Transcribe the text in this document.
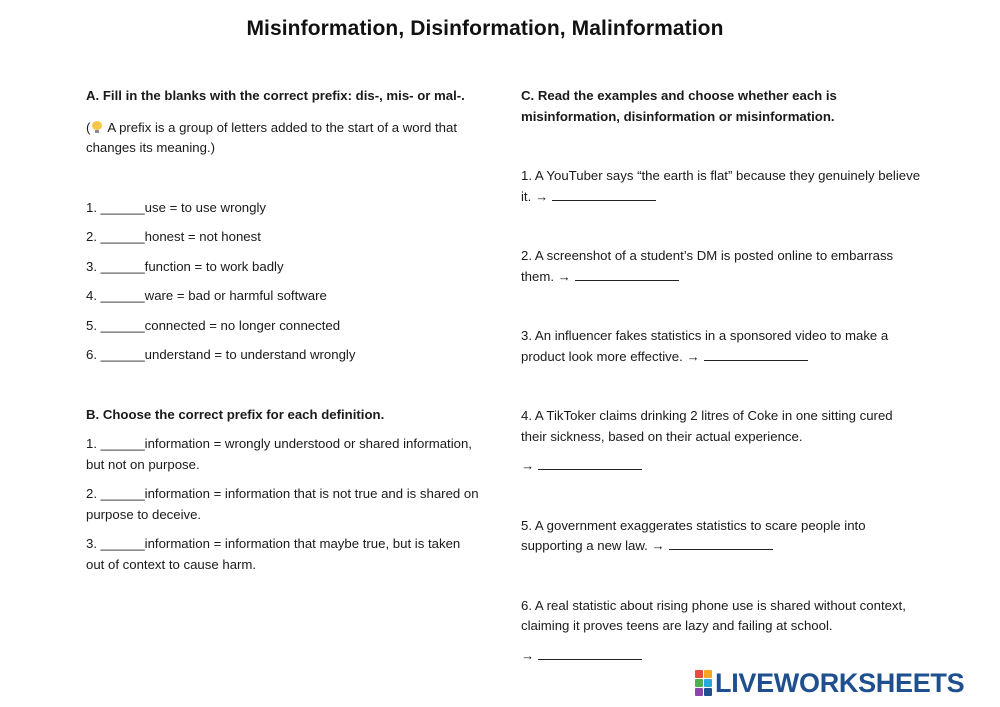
Misinformation, Disinformation, Malinformation
A. Fill in the blanks with the correct prefix: dis-, mis- or mal-.
( A prefix is a group of letters added to the start of a word that changes its meaning.)
1. ______use = to use wrongly
2. ______honest = not honest
3. ______function = to work badly
4. ______ware = bad or harmful software
5. ______connected = no longer connected
6. ______understand = to understand wrongly
B. Choose the correct prefix for each definition.
1. ______information = wrongly understood or shared information, but not on purpose.
2. ______information = information that is not true and is shared on purpose to deceive.
3. ______information = information that maybe true, but is taken out of context to cause harm.
C. Read the examples and choose whether each is misinformation, disinformation or misinformation.
1. A YouTuber says “the earth is flat” because they genuinely believe it. →
2. A screenshot of a student’s DM is posted online to embarrass them. →
3. An influencer fakes statistics in a sponsored video to make a product look more effective. →
4. A TikToker claims drinking 2 litres of Coke in one sitting cured their sickness, based on their actual experience.
→
5. A government exaggerates statistics to scare people into supporting a new law. →
6. A real statistic about rising phone use is shared without context, claiming it proves teens are lazy and failing at school.
→
LIVEWORKSHEETS
